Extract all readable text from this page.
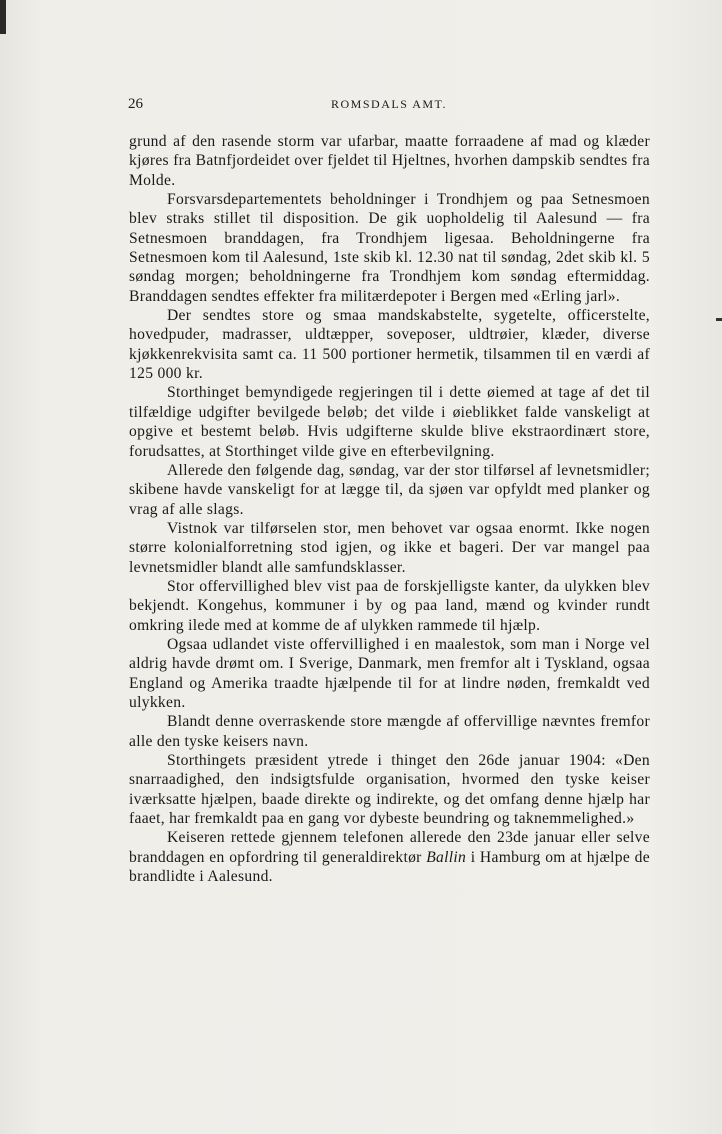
26	ROMSDALS AMT.

grund af den rasende storm var ufarbar, maatte forraadene af mad og klæder kjøres fra Batnfjordeidet over fjeldet til Hjeltnes, hvorhen dampskib sendtes fra Molde.

Forsvarsdepartementets beholdninger i Trondhjem og paa Setnesmoen blev straks stillet til disposition. De gik uopholdelig til Aalesund — fra Setnesmoen branddagen, fra Trondhjem ligesaa. Beholdningerne fra Setnesmoen kom til Aalesund, 1ste skib kl. 12.30 nat til søndag, 2det skib kl. 5 søndag morgen; beholdningerne fra Trondhjem kom søndag eftermiddag. Branddagen sendtes effekter fra militærdepoter i Bergen med «Erling jarl».

Der sendtes store og smaa mandskabstelte, sygetelte, officerstelte, hovedpuder, madrasser, uldtæpper, soveposer, uldtrøier, klæder, diverse kjøkkenrekvisita samt ca. 11 500 portioner hermetik, tilsammen til en værdi af 125 000 kr.

Storthinget bemyndigede regjeringen til i dette øiemed at tage af det til tilfældige udgifter bevilgede beløb; det vilde i øieblikket falde vanskeligt at opgive et bestemt beløb. Hvis udgifterne skulde blive ekstraordinært store, forudsattes, at Storthinget vilde give en efterbevilgning.

Allerede den følgende dag, søndag, var der stor tilførsel af levnetsmidler; skibene havde vanskeligt for at lægge til, da sjøen var opfyldt med planker og vrag af alle slags.

Vistnok var tilførselen stor, men behovet var ogsaa enormt. Ikke nogen større kolonialforretning stod igjen, og ikke et bageri. Der var mangel paa levnetsmidler blandt alle samfundsklasser.

Stor offervillighed blev vist paa de forskjelligste kanter, da ulykken blev bekjendt. Kongehus, kommuner i by og paa land, mænd og kvinder rundt omkring ilede med at komme de af ulykken rammede til hjælp.

Ogsaa udlandet viste offervillighed i en maalestok, som man i Norge vel aldrig havde drømt om. I Sverige, Danmark, men fremfor alt i Tyskland, ogsaa England og Amerika traadte hjælpende til for at lindre nøden, fremkaldt ved ulykken.

Blandt denne overraskende store mængde af offervillige nævntes fremfor alle den tyske keisers navn.

Storthingets præsident ytrede i thinget den 26de januar 1904: «Den snarraadighed, den indsigtsfulde organisation, hvormed den tyske keiser iværksatte hjælpen, baade direkte og indirekte, og det omfang denne hjælp har faaet, har fremkaldt paa en gang vor dybeste beundring og taknemmelighed.»

Keiseren rettede gjennem telefonen allerede den 23de januar eller selve branddagen en opfordring til generaldirektør Ballin i Hamburg om at hjælpe de brandlidte i Aalesund.
